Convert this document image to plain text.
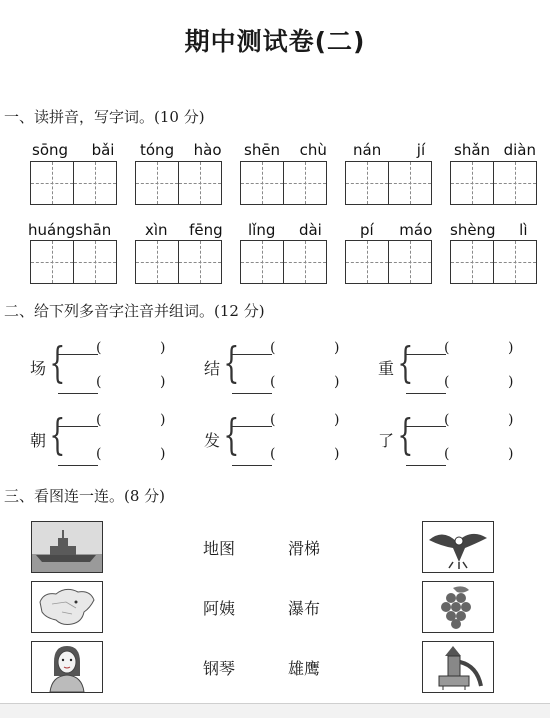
期中测试卷(二)
一、读拼音，写字词。(10 分)
sōng bǎi tóng hào shēn chù nán jí shǎn diàn
huángshān xìn fēng lǐng dài	pí máo shèng lì
二、给下列多音字注音并组词。(12 分)
场 { (	)
(	)
结 { (	)
(	)
重 { (	)
(	)
朝 { (	)
(	)
发 { (	)
(	)
了 { (	)
(	)
三、看图连一连。(8 分)
地图	滑梯
阿姨	瀑布
钢琴	雄鹰
